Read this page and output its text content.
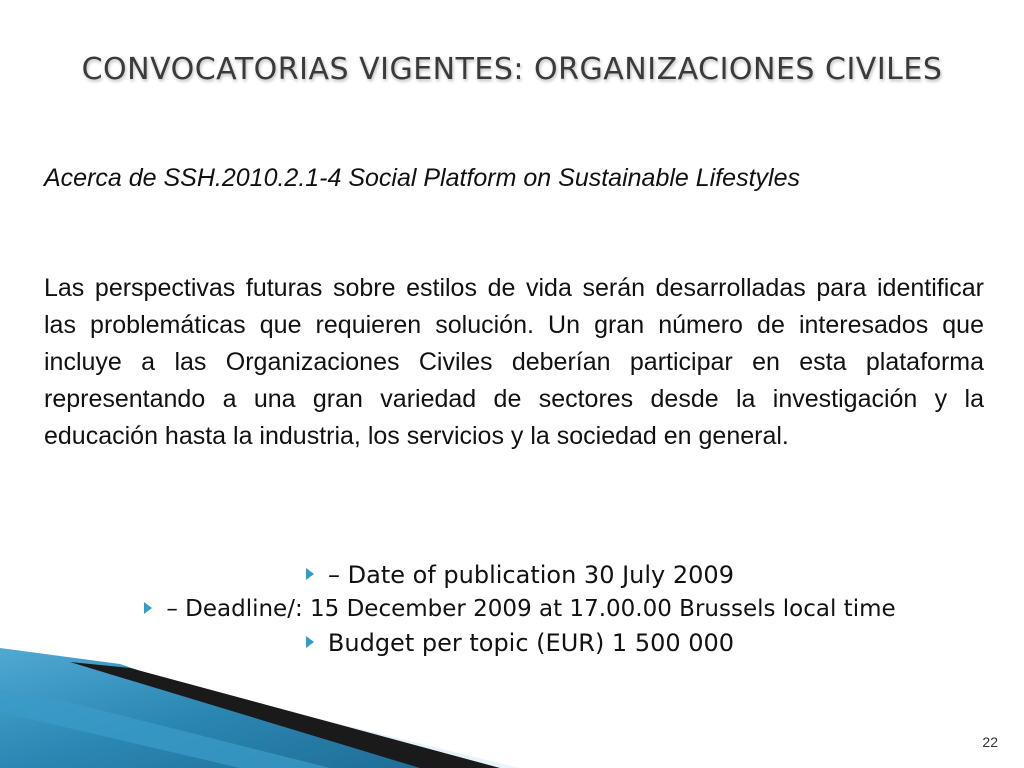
CONVOCATORIAS VIGENTES: ORGANIZACIONES CIVILES
Acerca de SSH.2010.2.1-4 Social Platform on Sustainable Lifestyles

Las perspectivas futuras sobre estilos de vida serán desarrolladas para identificar las problemáticas que requieren solución. Un gran número de interesados que incluye a las Organizaciones Civiles deberían participar en esta plataforma representando a una gran variedad de sectores desde la investigación y la educación hasta la industria, los servicios y la sociedad en general.

– Date of publication 30 July 2009
– Deadline/: 15 December 2009 at 17.00.00 Brussels local time
Budget per topic (EUR) 1 500 000
22
